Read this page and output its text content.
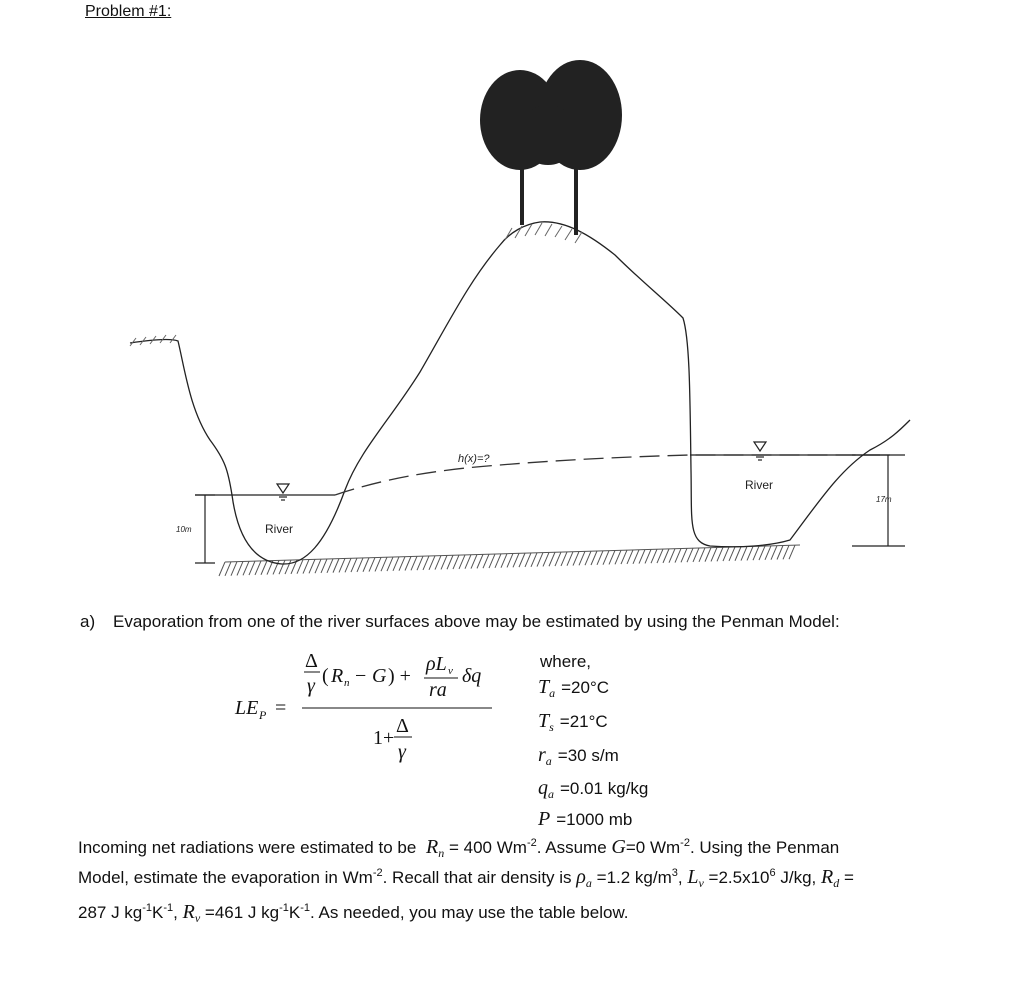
Problem #1:
h(x)=?
River
River
10m
17m
a) Evaporation from one of the river surfaces above may be estimated by using the Penman Model:
LE P =
Δ
γ ( R n − G ) +
ρL v
ra
δq
1+
Δ
γ
where,
$T_a =20^\circ C$
$T_s =21^\circ C$
$r_a =30$ s/m
$q_a =0.01$ kg/kg
P =1000 mb
Incoming net radiations were estimated to be  $R_n = 400$ $Wm^{-2}$. Assume G=0 $Wm^{-2}$. Using the Penman
Model, estimate the evaporation in $Wm^{-2}$. Recall that air density is $\rho_a =1.2$ $kg/m^3$, $L_v =2.5x10^6$ J/kg, $R_d$ =
287 J $kg^{-1}K^{-1}$, $R_v =461$ J $kg^{-1}K^{-1}$. As needed, you may use the table below.
